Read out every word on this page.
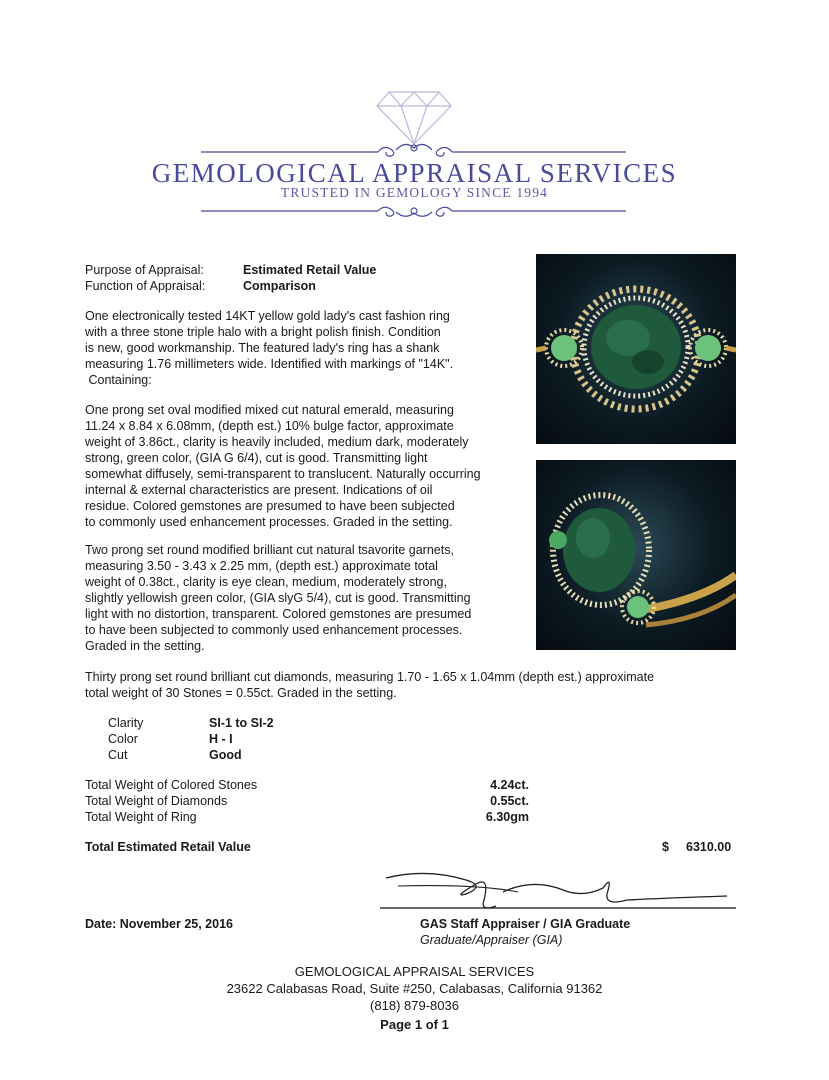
GEMOLOGICAL APPRAISAL SERVICES
TRUSTED IN GEMOLOGY SINCE 1994
Purpose of Appraisal:	Estimated Retail Value
Function of Appraisal:	Comparison

One electronically tested 14KT yellow gold lady's cast fashion ring

with a three stone triple halo with a bright polish finish. Condition

is new, good workmanship. The featured lady's ring has a shank

measuring 1.76 millimeters wide. Identified with markings of "14K".

Containing:

One prong set oval modified mixed cut natural emerald, measuring

11.24 x 8.84 x 6.08mm, (depth est.) 10% bulge factor, approximate

weight of 3.86ct., clarity is heavily included, medium dark, moderately

strong, green color, (GIA G 6/4), cut is good. Transmitting light

somewhat diffusely, semi-transparent to translucent. Naturally occurring

internal & external characteristics are present. Indications of oil

residue. Colored gemstones are presumed to have been subjected

to commonly used enhancement processes. Graded in the setting.

Two prong set round modified brilliant cut natural tsavorite garnets,

measuring 3.50 - 3.43 x 2.25 mm, (depth est.) approximate total

weight of 0.38ct., clarity is eye clean, medium, moderately strong,

slightly yellowish green color, (GIA slyG 5/4), cut is good. Transmitting

light with no distortion, transparent. Colored gemstones are presumed

to have been subjected to commonly used enhancement processes.

Graded in the setting.

Thirty prong set round brilliant cut diamonds, measuring 1.70 - 1.65 x 1.04mm (depth est.) approximate

total weight of 30 Stones = 0.55ct. Graded in the setting.

Clarity	SI-1 to SI-2
Color	H - I
Cut	Good
Total Weight of Colored Stones	4.24ct.
Total Weight of Diamonds	0.55ct.
Total Weight of Ring	6.30gm
Total Estimated Retail Value	$ 6310.00
Date: November 25, 2016	GAS Staff Appraiser / GIA Graduate
Graduate/Appraiser (GIA)
GEMOLOGICAL APPRAISAL SERVICES
23622 Calabasas Road, Suite #250, Calabasas, California 91362
(818) 879-8036
Page 1 of 1
